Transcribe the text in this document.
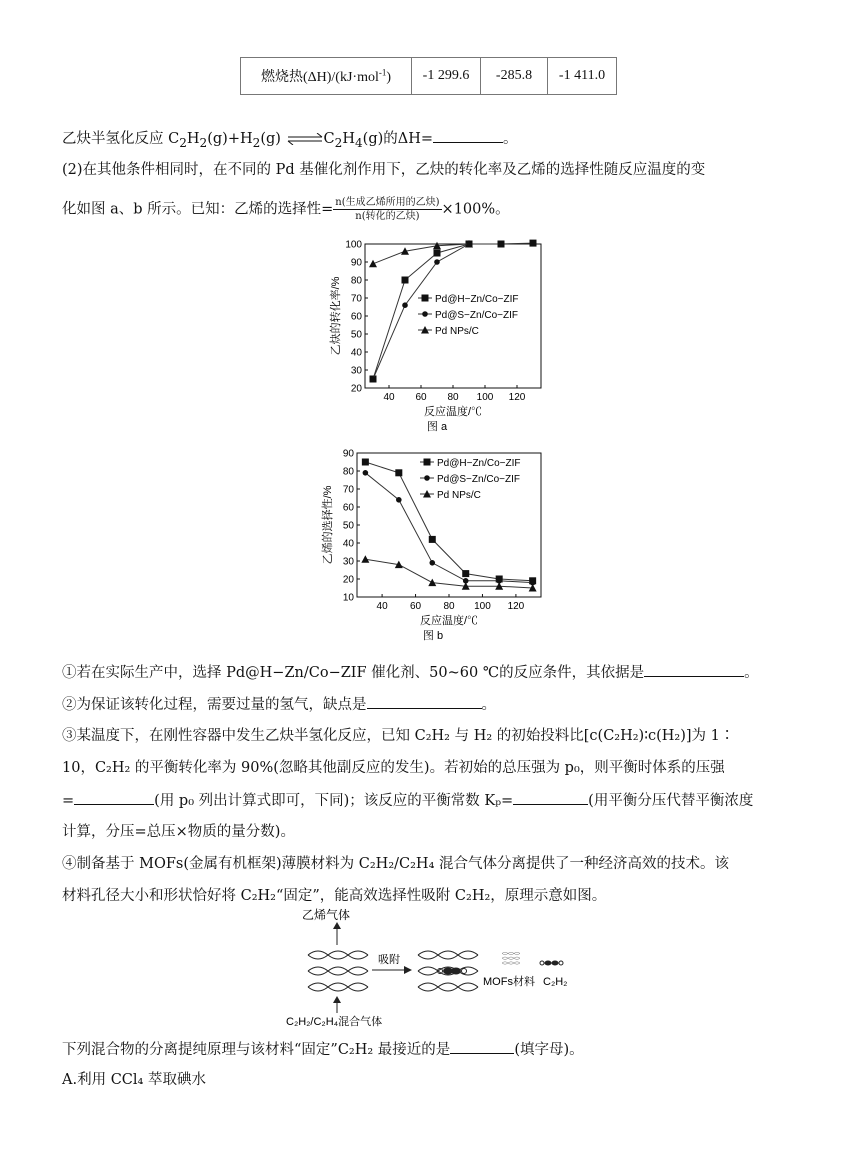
燃烧热(ΔH)/(kJ·mol$^{-1}$)	-1 299.6	-285.8	-1 411.0
乙炔半氢化反应 $C_2H_2(g)+H_2(g)$ $\rightleftharpoons C_2H_4(g)$的ΔH=	。
(2)在其他条件相同时，在不同的 Pd 基催化剂作用下，乙炔的转化率及乙烯的选择性随反应温度的变
化如图 a、b 所示。已知：乙烯的选择性= $\frac{\text{n(生成乙烯所用的乙炔)}}{\text{n(转化的乙炔)}} \times 100\%$。
20
30
40
50
60
70
80
90
100
40 60 80 100 120
反应温度/℃
乙炔的转化率/%
图 a
Pd@H−Zn/Co−ZIF
Pd@S−Zn/Co−ZIF
Pd NPs/C
10
20
30
40
50
60
70
80
90
40 60 80 100 120
反应温度/℃
乙烯的选择性/%
图 b
Pd@H−Zn/Co−ZIF
Pd@S−Zn/Co−ZIF
Pd NPs/C
①若在实际生产中，选择 Pd@H−Zn/Co−ZIF 催化剂、50~60 ℃的反应条件，其依据是	。
②为保证该转化过程，需要过量的氢气，缺点是	。
③某温度下，在刚性容器中发生乙炔半氢化反应，已知 C₂H₂ 与 H₂ 的初始投料比[c(C₂H₂)∶c(H₂)]为 1∶
10，C₂H₂ 的平衡转化率为 90%(忽略其他副反应的发生)。若初始的总压强为 p₀，则平衡时体系的压强
=	(用 p₀ 列出计算式即可，下同)；该反应的平衡常数 Kₚ=	(用平衡分压代替平衡浓度
计算，分压=总压×物质的量分数)。
④制备基于 MOFs(金属有机框架)薄膜材料为 C₂H₂/C₂H₄ 混合气体分离提供了一种经济高效的技术。该
材料孔径大小和形状恰好将 C₂H₂“固定”，能高效选择性吸附 C₂H₂，原理示意如图。
乙烯气体
C₂H₂/C₂H₄混合气体
吸附
MOFs材料 C₂H₂
下列混合物的分离提纯原理与该材料“固定”C₂H₂ 最接近的是	(填字母)。
A.利用 CCl₄ 萃取碘水
